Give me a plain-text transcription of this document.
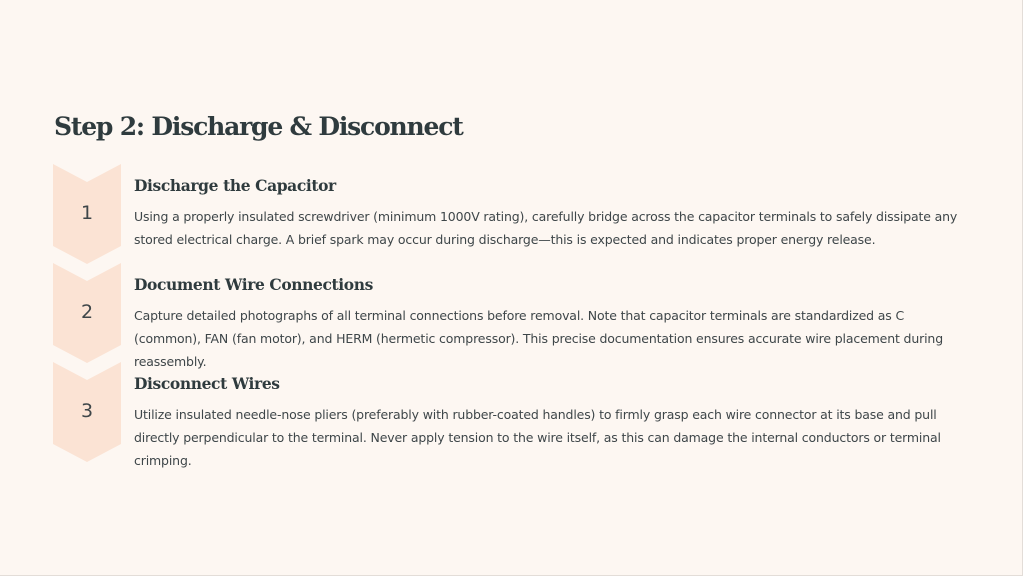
Step 2: Discharge & Disconnect
1
Discharge the Capacitor

Using a properly insulated screwdriver (minimum 1000V rating), carefully bridge across the capacitor terminals to safely dissipate any stored electrical charge. A brief spark may occur during discharge—this is expected and indicates proper energy release.

2
Document Wire Connections

Capture detailed photographs of all terminal connections before removal. Note that capacitor terminals are standardized as C (common), FAN (fan motor), and HERM (hermetic compressor). This precise documentation ensures accurate wire placement during reassembly.

3
Disconnect Wires

Utilize insulated needle-nose pliers (preferably with rubber-coated handles) to firmly grasp each wire connector at its base and pull directly perpendicular to the terminal. Never apply tension to the wire itself, as this can damage the internal conductors or terminal crimping.
